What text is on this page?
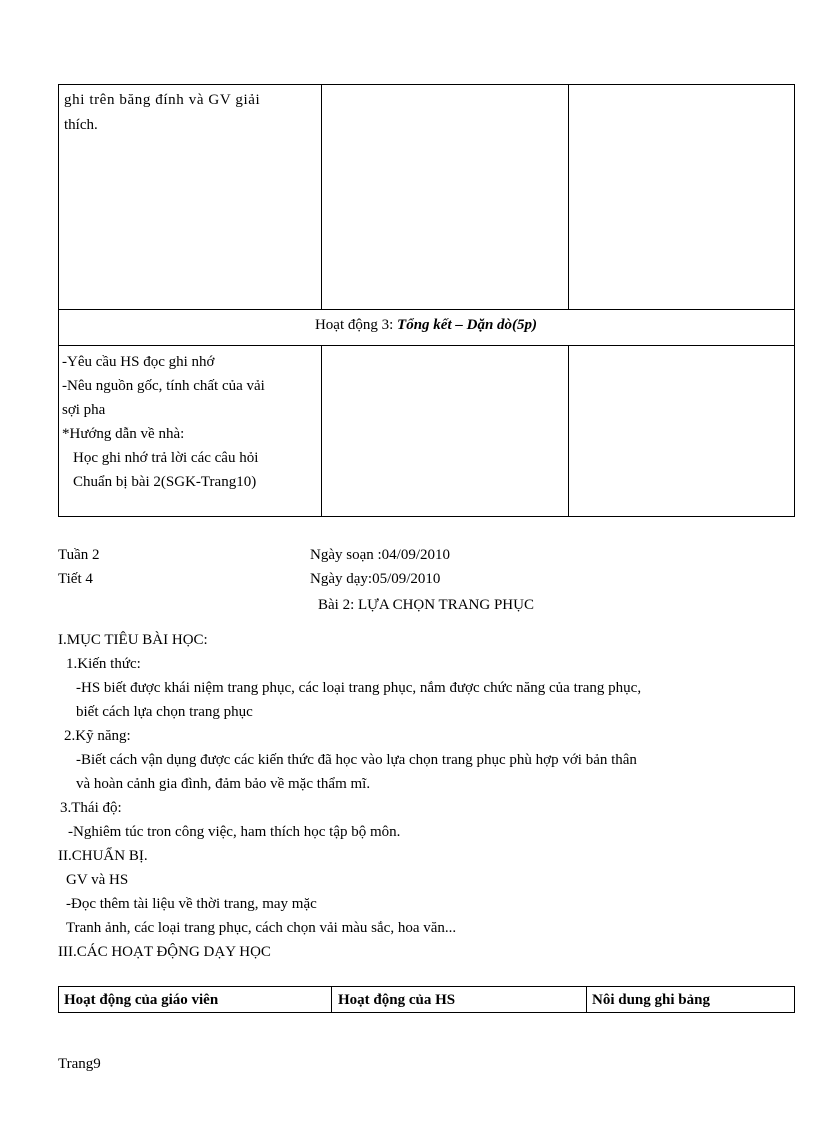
ghi trên băng đính và GV giải
thích.
Hoạt động 3: Tổng kết – Dặn dò(5p)
-Yêu cầu HS đọc ghi nhớ
-Nêu nguồn gốc, tính chất của vải
sợi pha
*Hướng dẫn về nhà:
Học ghi nhớ trả lời các câu hỏi
Chuẩn bị bài 2(SGK-Trang10)
Tuần 2	Ngày soạn :04/09/2010
Tiết 4	Ngày dạy:05/09/2010
Bài 2: LỰA CHỌN TRANG PHỤC
I.MỤC TIÊU BÀI HỌC:
1.Kiến thức:
-HS biết được khái niệm trang phục, các loại trang phục, nắm được chức năng của trang phục,
biết cách lựa chọn trang phục
2.Kỹ năng:
-Biết cách vận dụng được các kiến thức đã học vào lựa chọn trang phục phù hợp với bản thân
và hoàn cảnh gia đình, đảm bảo về mặc thẩm mĩ.
3.Thái độ:
-Nghiêm túc tron công việc, ham thích học tập bộ môn.
II.CHUẨN BỊ.
GV và HS
-Đọc thêm tài liệu về thời trang, may mặc
Tranh ảnh, các loại trang phục, cách chọn vải màu sắc, hoa văn...
III.CÁC HOẠT ĐỘNG DẠY HỌC
Hoạt động của giáo viên	Hoạt động của HS	Nôi dung ghi bảng
Trang9
